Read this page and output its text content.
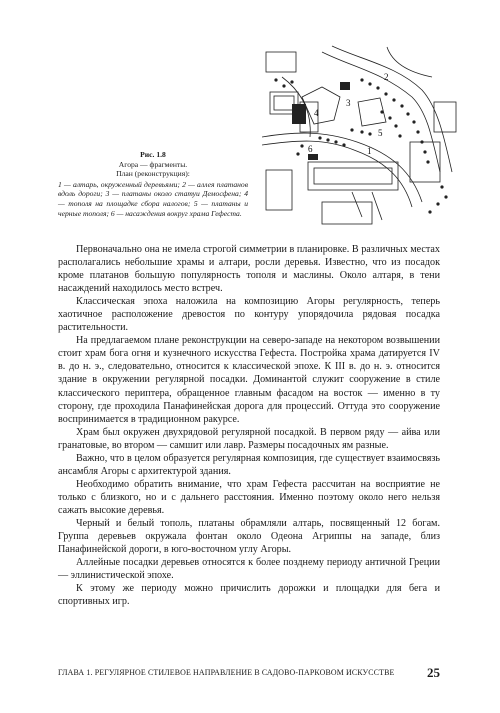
1
2
3
4
5
6
Рис. 1.8
Агора — фрагменты.
План (реконструкция):
1 — алтарь, окруженный деревьями; 2 — аллея платанов вдоль дороги; 3 — платаны около статуи Демосфена; 4 — тополя на площадке сбора налогов; 5 — платаны и черные тополя; 6 — насаждения вокруг храма Гефеста.

Первоначально она не имела строгой симметрии в планировке. В различных местах располагались небольшие храмы и алтари, росли деревья. Известно, что из посадок кроме платанов большую популярность тополя и маслины. Около алтаря, в тени насаждений находилось место встреч.

Классическая эпоха наложила на композицию Агоры регулярность, теперь хаотичное расположение древостоя по контуру упорядочила рядовая посадка растительности.

На предлагаемом плане реконструкции на северо-западе на некотором возвышении стоит храм бога огня и кузнечного искусства Гефеста. Постройка храма датируется IV в. до н. э., следовательно, относится к классической эпохе. К III в. до н. э. относится здание в окружении регулярной посадки. Доминантой служит сооружение в стиле классического периптера, обращенное главным фасадом на восток — именно в ту сторону, где проходила Панафинейская дорога для процессий. Оттуда это сооружение воспринимается в традиционном ракурсе.

Храм был окружен двухрядовой регулярной посадкой. В первом ряду — айва или гранатовые, во втором — самшит или лавр. Размеры посадочных ям разные.

Важно, что в целом образуется регулярная композиция, где существует взаимосвязь ансамбля Агоры с архитектурой здания.

Необходимо обратить внимание, что храм Гефеста рассчитан на восприятие не только с близкого, но и с дальнего расстояния. Именно поэтому около него нельзя сажать высокие деревья.

Черный и белый тополь, платаны обрамляли алтарь, посвященный 12 богам. Группа деревьев окружала фонтан около Одеона Агриппы на западе, близ Панафинейской дороги, в юго-восточном углу Агоры.

Аллейные посадки деревьев относятся к более позднему периоду античной Греции — эллинистической эпохе.

К этому же периоду можно причислить дорожки и площадки для бега и спортивных игр.

ГЛАВА 1. РЕГУЛЯРНОЕ СТИЛЕВОЕ НАПРАВЛЕНИЕ В САДОВО-ПАРКОВОМ ИСКУССТВЕ	25
